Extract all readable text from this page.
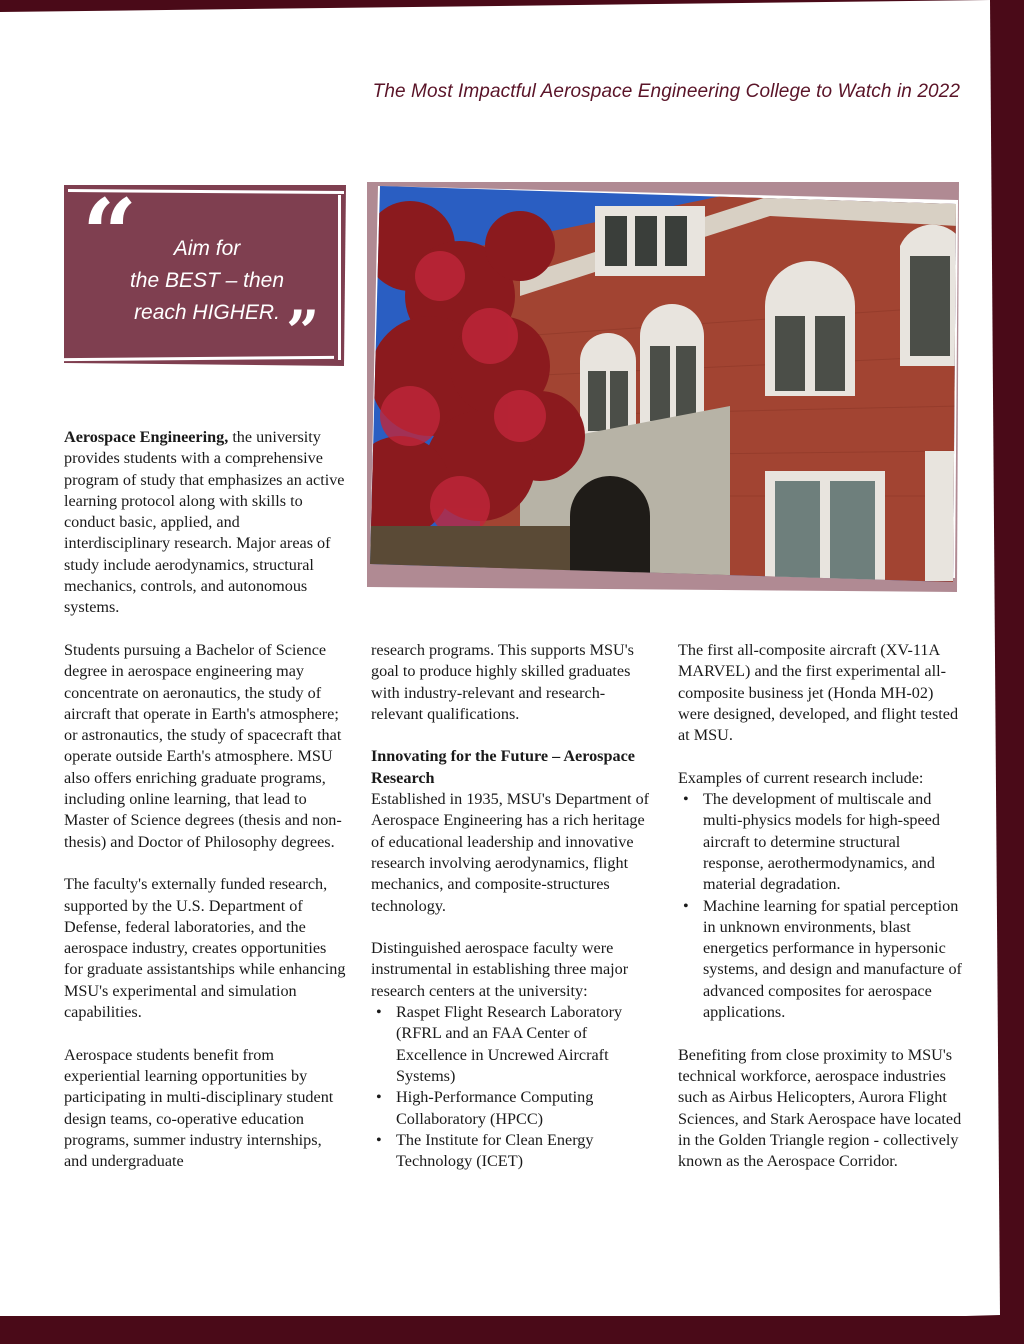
The Most Impactful Aerospace Engineering College to Watch in 2022
“
”
Aim for
the BEST – then
reach HIGHER.

Aerospace Engineering, the university provides students with a comprehensive program of study that emphasizes an active learning protocol along with skills to conduct basic, applied, and interdisciplinary research. Major areas of study include aerodynamics, structural mechanics, controls, and autonomous systems.

Students pursuing a Bachelor of Science degree in aerospace engineering may concentrate on aeronautics, the study of aircraft that operate in Earth's atmosphere; or astronautics, the study of spacecraft that operate outside Earth's atmosphere. MSU also offers enriching graduate programs, including online learning, that lead to Master of Science degrees (thesis and non-thesis) and Doctor of Philosophy degrees.

The faculty's externally funded research, supported by the U.S. Department of Defense, federal laboratories, and the aerospace industry, creates opportunities for graduate assistantships while enhancing MSU's experimental and simulation capabilities.

Aerospace students benefit from experiential learning opportunities by participating in multi-disciplinary student design teams, co-operative education programs, summer industry internships, and undergraduate

research programs. This supports MSU's goal to produce highly skilled graduates with industry-relevant and research-relevant qualifications.

Innovating for the Future – Aerospace Research

Established in 1935, MSU's Department of Aerospace Engineering has a rich heritage of educational leadership and innovative research involving aerodynamics, flight mechanics, and composite-structures technology.

Distinguished aerospace faculty were instrumental in establishing three major research centers at the university:

• Raspet Flight Research Laboratory (RFRL and an FAA Center of Excellence in Uncrewed Aircraft Systems)
• High-Performance Computing Collaboratory (HPCC)
• The Institute for Clean Energy Technology (ICET)

The first all-composite aircraft (XV-11A MARVEL) and the first experimental all-composite business jet (Honda MH-02) were designed, developed, and flight tested at MSU.

Examples of current research include:

• The development of multiscale and multi-physics models for high-speed aircraft to determine structural response, aerothermodynamics, and material degradation.
• Machine learning for spatial perception in unknown environments, blast energetics performance in hypersonic systems, and design and manufacture of advanced composites for aerospace applications.

Benefiting from close proximity to MSU's technical workforce, aerospace industries such as Airbus Helicopters, Aurora Flight Sciences, and Stark Aerospace have located in the Golden Triangle region - collectively known as the Aerospace Corridor.
